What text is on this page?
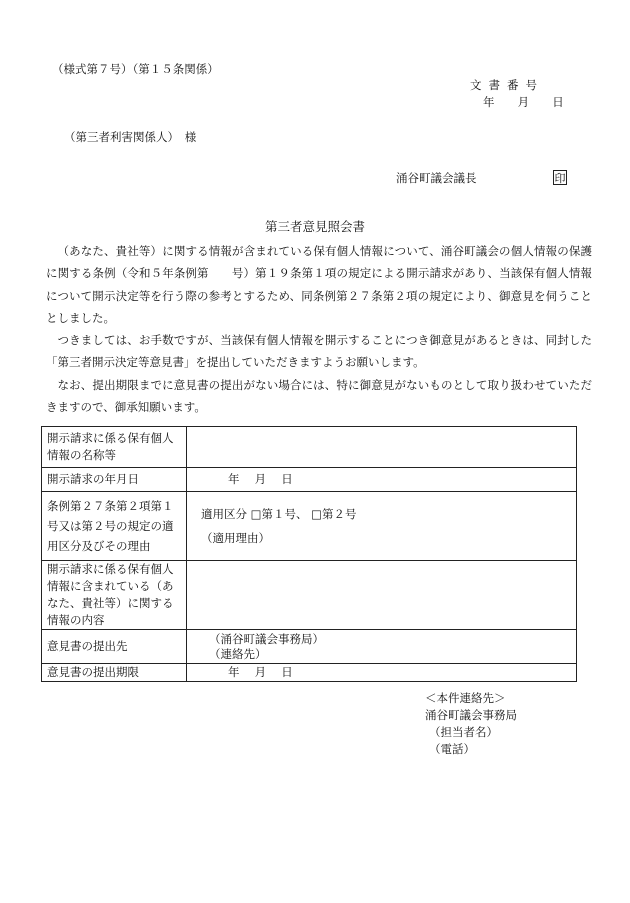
（様式第７号）（第１５条関係）
文書番号
年　 月　 日
（第三者利害関係人）　様
涌谷町議会議長	印
第三者意見照会書

（あなた、貴社等）に関する情報が含まれている保有個人情報について、涌谷町議会の個人情報の保護に関する条例（令和５年条例第　　号）第１９条第１項の規定による開示請求があり、当該保有個人情報について開示決定等を行う際の参考とするため、同条例第２７条第２項の規定により、御意見を伺うこととしました。

つきましては、お手数ですが、当該保有個人情報を開示することにつき御意見があるときは、同封した「第三者開示決定等意見書」を提出していただきますようお願いします。

なお、提出期限までに意見書の提出がない場合には、特に御意見がないものとして取り扱わせていただきますので、御承知願います。

開示請求に係る保有個人情報の名称等	
開示請求の年月日	年　 月　 日
条例第２７条第２項第１号又は第２号の規定の適用区分及びその理由	適用区分 □第１号、 □第２号
（適用理由）

開示請求に係る保有個人情報に含まれている（あなた、貴社等）に関する情報の内容	
意見書の提出先	（涌谷町議会事務局）
（連絡先）

意見書の提出期限	年　 月　 日
＜本件連絡先＞
涌谷町議会事務局
（担当者名）
（電話）
